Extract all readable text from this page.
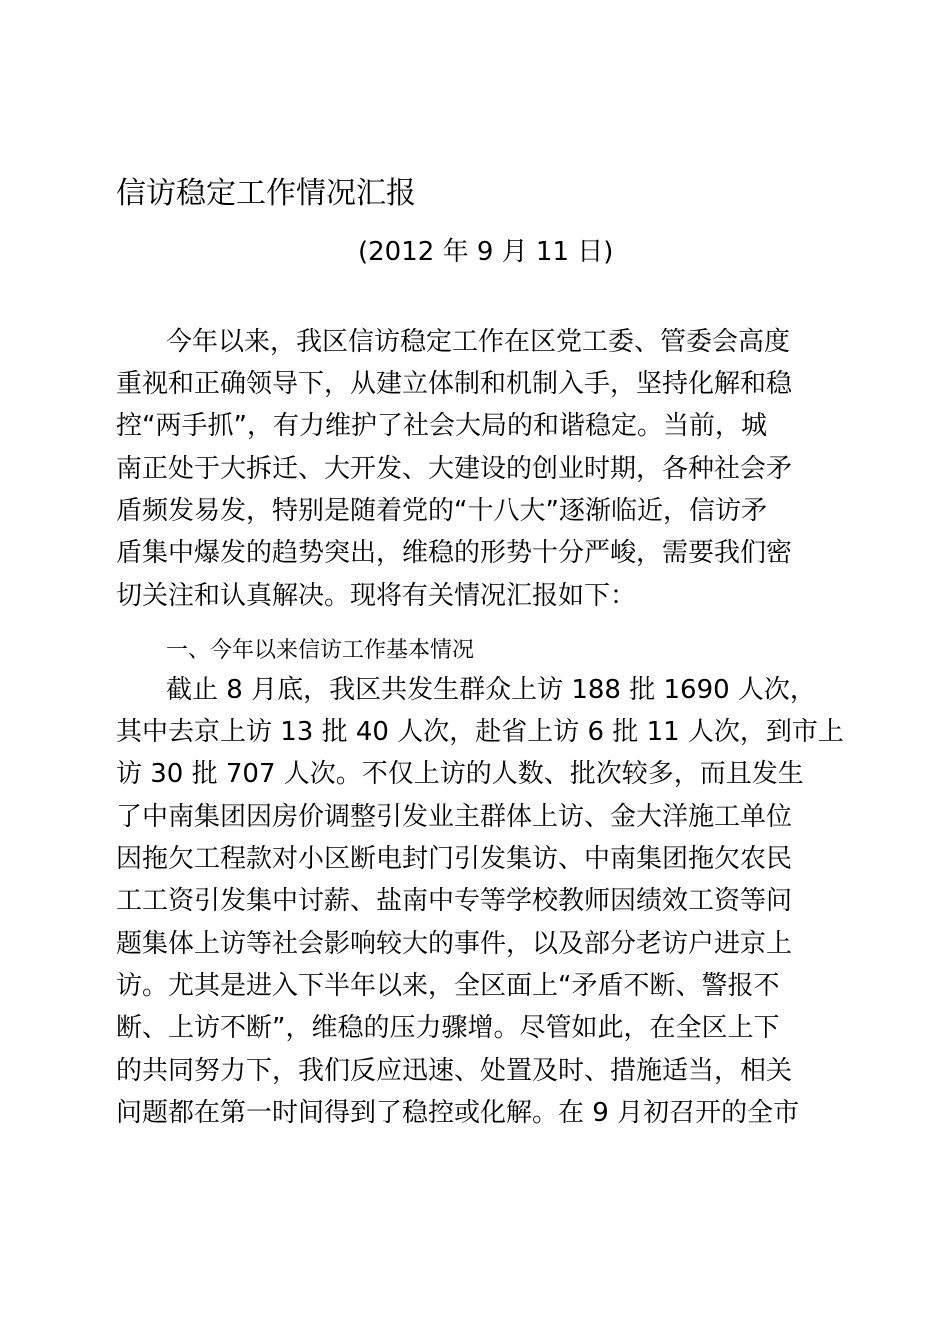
信访稳定工作情况汇报
(2012 年 9 月 11 日)
今年以来，我区信访稳定工作在区党工委、管委会高度
重视和正确领导下，从建立体制和机制入手，坚持化解和稳
控“两手抓”，有力维护了社会大局的和谐稳定。当前，城
南正处于大拆迁、大开发、大建设的创业时期，各种社会矛
盾频发易发，特别是随着党的“十八大”逐渐临近，信访矛
盾集中爆发的趋势突出，维稳的形势十分严峻，需要我们密
切关注和认真解决。现将有关情况汇报如下：
一、今年以来信访工作基本情况
截止 8 月底，我区共发生群众上访 188 批 1690 人次，
其中去京上访 13 批 40 人次，赴省上访 6 批 11 人次，到市上
访 30 批 707 人次。不仅上访的人数、批次较多，而且发生
了中南集团因房价调整引发业主群体上访、金大洋施工单位
因拖欠工程款对小区断电封门引发集访、中南集团拖欠农民
工工资引发集中讨薪、盐南中专等学校教师因绩效工资等问
题集体上访等社会影响较大的事件，以及部分老访户进京上
访。尤其是进入下半年以来，全区面上“矛盾不断、警报不
断、上访不断”，维稳的压力骤增。尽管如此，在全区上下
的共同努力下，我们反应迅速、处置及时、措施适当，相关
问题都在第一时间得到了稳控或化解。在 9 月初召开的全市
